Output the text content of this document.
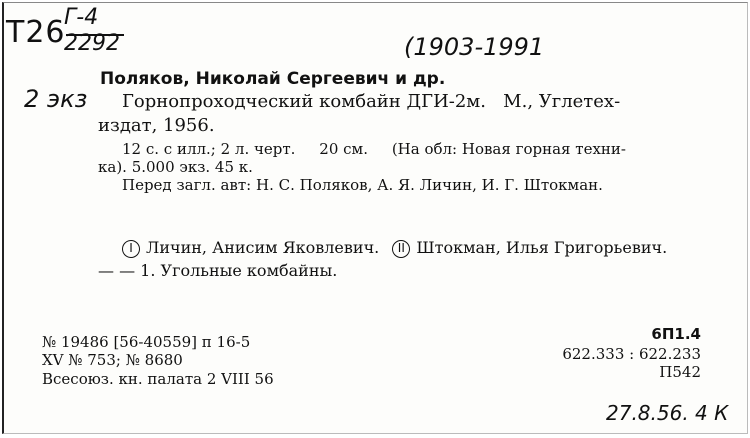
Т26
Г-4
2292	(1903-1991
2 экз
Поляков, Николай Сергеевич и др.
Горнопроходческий комбайн ДГИ-2м.   М., Углетех-
издат, 1956.
12 с. с илл.; 2 л. черт.     20 см.     (На обл: Новая горная техни-
ка). 5.000 экз. 45 к.
Перед загл. авт: Н. С. Поляков, А. Я. Личин, И. Г. Штокман.
I Личин, Анисим Яковлевич. II Штокман, Илья Григорьевич.
— — 1. Угольные комбайны.
№ 19486 [56-40559] п 16-5
XV № 753; № 8680
Всесоюз. кн. палата 2 VIII 56
6П1.4
622.333 : 622.233
П542
27.8.56. 4 К
